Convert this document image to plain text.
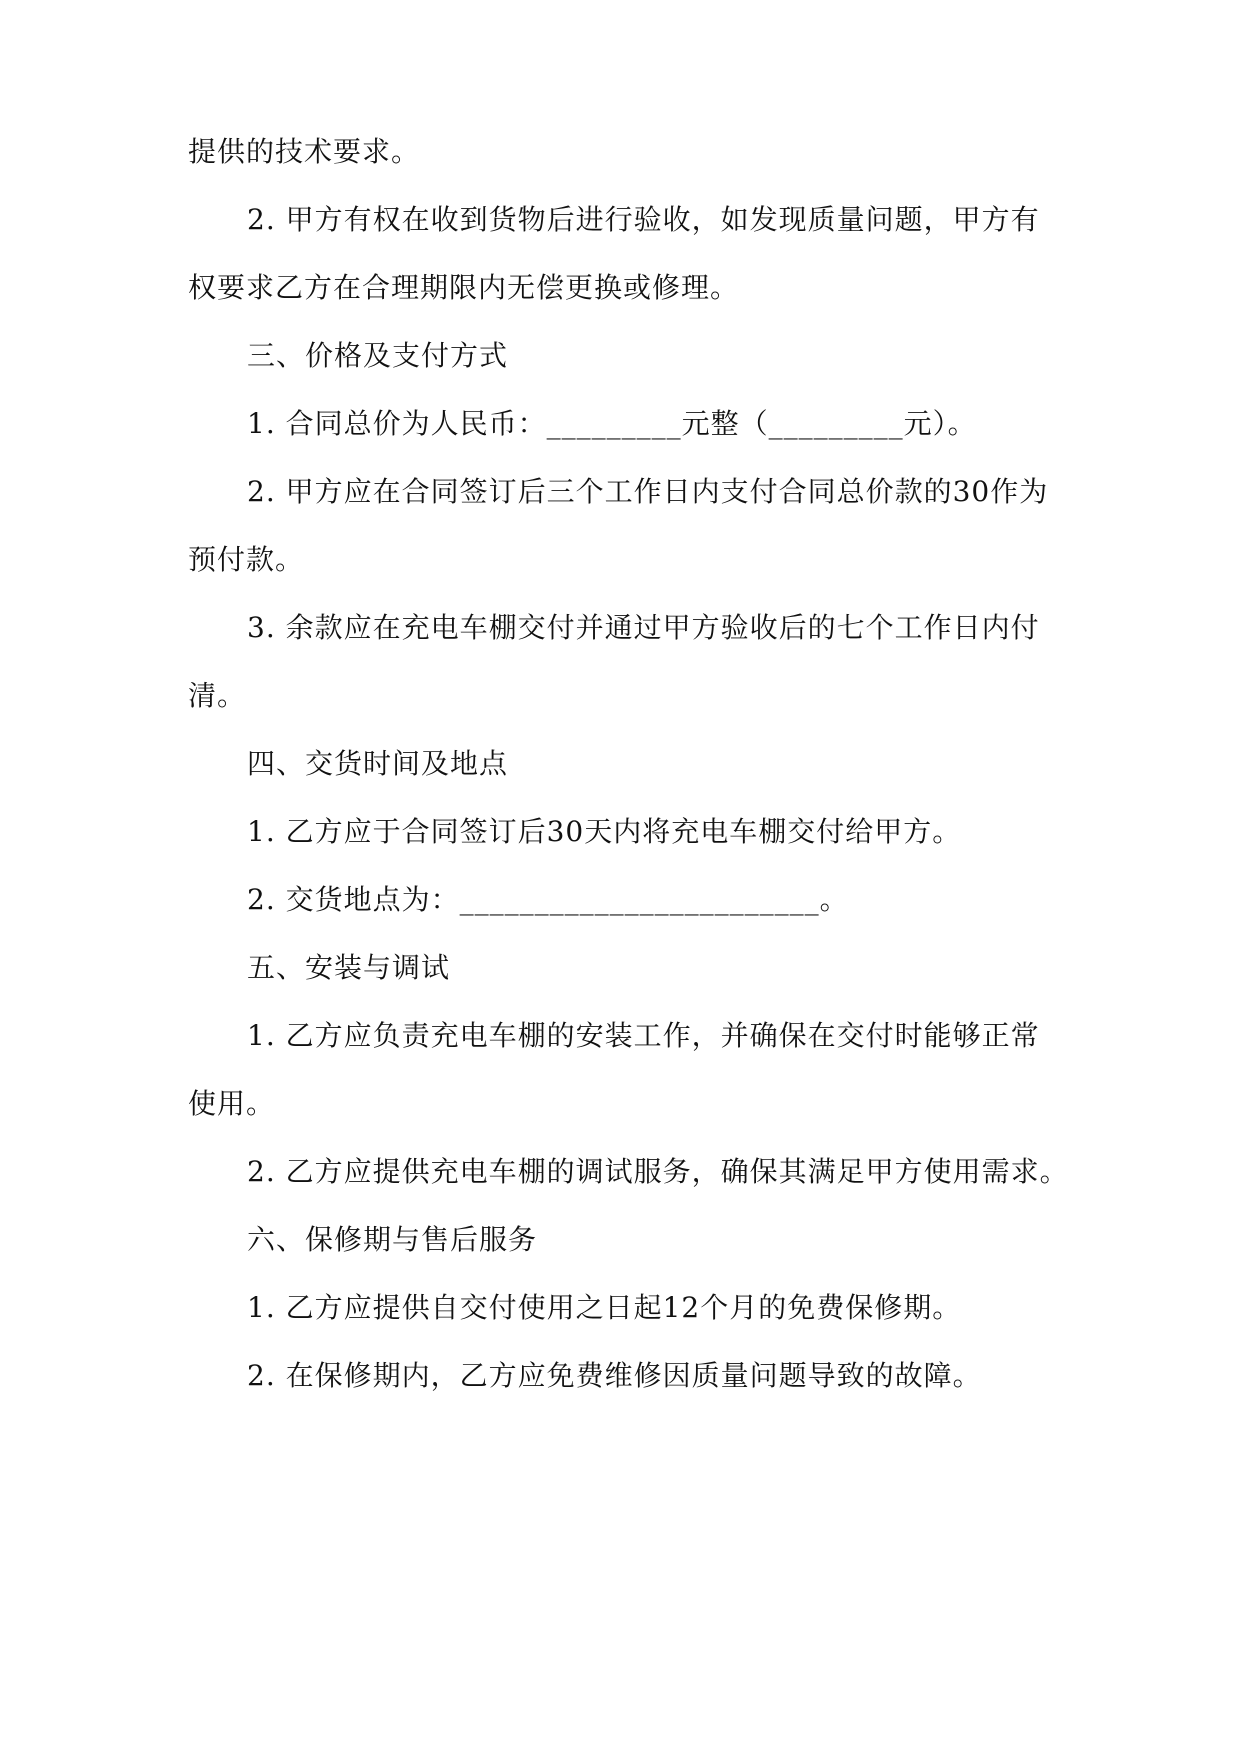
提供的技术要求。
2. 甲方有权在收到货物后进行验收，如发现质量问题，甲方有
权要求乙方在合理期限内无偿更换或修理。
三、价格及支付方式
1. 合同总价为人民币：_________元整（_________元）。
2. 甲方应在合同签订后三个工作日内支付合同总价款的30作为
预付款。
3. 余款应在充电车棚交付并通过甲方验收后的七个工作日内付
清。
四、交货时间及地点
1. 乙方应于合同签订后30天内将充电车棚交付给甲方。
2. 交货地点为：________________________。
五、安装与调试
1. 乙方应负责充电车棚的安装工作，并确保在交付时能够正常
使用。
2. 乙方应提供充电车棚的调试服务，确保其满足甲方使用需求。
六、保修期与售后服务
1. 乙方应提供自交付使用之日起12个月的免费保修期。
2. 在保修期内，乙方应免费维修因质量问题导致的故障。
